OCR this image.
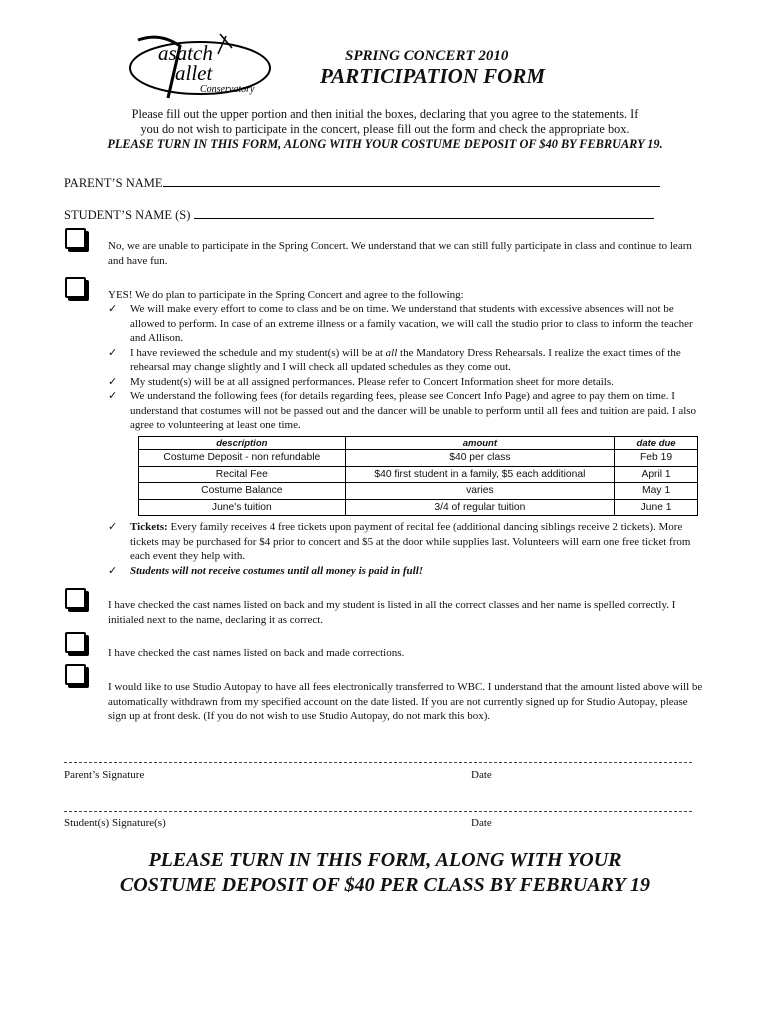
asatch
allet
Conservatory
SPRING CONCERT 2010
PARTICIPATION FORM
Please fill out the upper portion and then initial the boxes, declaring that you agree to the statements. If
you do not wish to participate in the concert, please fill out the form and check the appropriate box.
PLEASE TURN IN THIS FORM, ALONG WITH YOUR COSTUME DEPOSIT OF $40 BY FEBRUARY 19.
PARENT’S NAME
STUDENT’S NAME (S)
No, we are unable to participate in the Spring Concert. We understand that we can still fully participate in class and continue to learn and have fun.
YES! We do plan to participate in the Spring Concert and agree to the following:
✓ We will make every effort to come to class and be on time. We understand that students with excessive absences will not be allowed to perform. In case of an extreme illness or a family vacation, we will call the studio prior to class to inform the teacher and Allison.
✓ I have reviewed the schedule and my student(s) will be at all the Mandatory Dress Rehearsals. I realize the exact times of the rehearsal may change slightly and I will check all updated schedules as they come out.
✓ My student(s) will be at all assigned performances. Please refer to Concert Information sheet for more details.
✓ We understand the following fees (for details regarding fees, please see Concert Info Page) and agree to pay them on time. I understand that costumes will not be passed out and the dancer will be unable to perform until all fees and tuition are paid. I also agree to volunteering at least one time.
description	amount	date due
Costume Deposit - non refundable	$40 per class	Feb 19
Recital Fee	$40 first student in a family, $5 each additional	April 1
Costume Balance	varies	May 1
June's tuition	3/4 of regular tuition	June 1
✓ Tickets: Every family receives 4 free tickets upon payment of recital fee (additional dancing siblings receive 2 tickets). More tickets may be purchased for $4 prior to concert and $5 at the door while supplies last. Volunteers will earn one free ticket from each event they help with.
✓ Students will not receive costumes until all money is paid in full!
I have checked the cast names listed on back and my student is listed in all the correct classes and her name is spelled correctly. I initialed next to the name, declaring it as correct.
I have checked the cast names listed on back and made corrections.
I would like to use Studio Autopay to have all fees electronically transferred to WBC. I understand that the amount listed above will be automatically withdrawn from my specified account on the date listed. If you are not currently signed up for Studio Autopay, please sign up at front desk. (If you do not wish to use Studio Autopay, do not mark this box).
Parent’s Signature	Date
Student(s) Signature(s)	Date
PLEASE TURN IN THIS FORM, ALONG WITH YOUR
COSTUME DEPOSIT OF $40 PER CLASS BY FEBRUARY 19
